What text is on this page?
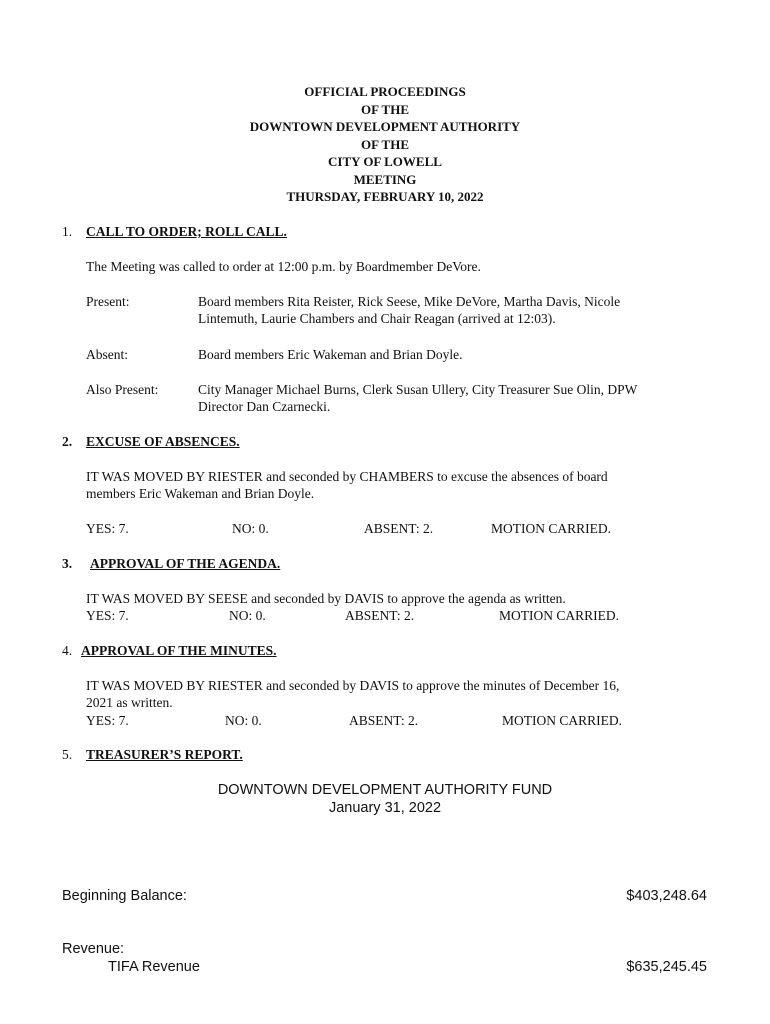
OFFICIAL PROCEEDINGS
OF THE
DOWNTOWN DEVELOPMENT AUTHORITY
OF THE
CITY OF LOWELL
MEETING
THURSDAY, FEBRUARY 10, 2022
1. CALL TO ORDER; ROLL CALL.
The Meeting was called to order at 12:00 p.m. by Boardmember DeVore.
Present:	Board members Rita Reister, Rick Seese, Mike DeVore, Martha Davis, Nicole
Lintemuth, Laurie Chambers and Chair Reagan (arrived at 12:03).
Absent:	Board members Eric Wakeman and Brian Doyle.
Also Present:	City Manager Michael Burns, Clerk Susan Ullery, City Treasurer Sue Olin, DPW
Director Dan Czarnecki.
2. EXCUSE OF ABSENCES.
IT WAS MOVED BY RIESTER and seconded by CHAMBERS to excuse the absences of board
members Eric Wakeman and Brian Doyle.
YES: 7.	NO: 0.	ABSENT: 2.	MOTION CARRIED.
3. APPROVAL OF THE AGENDA.
IT WAS MOVED BY SEESE and seconded by DAVIS to approve the agenda as written.
YES: 7.	NO: 0.	ABSENT: 2.	MOTION CARRIED.
4. APPROVAL OF THE MINUTES.
IT WAS MOVED BY RIESTER and seconded by DAVIS to approve the minutes of December 16,
2021 as written.
YES: 7.	NO: 0.	ABSENT: 2.	MOTION CARRIED.
5. TREASURER’S REPORT.
DOWNTOWN DEVELOPMENT AUTHORITY FUND
January 31, 2022
Beginning Balance:	$403,248.64
Revenue:
TIFA Revenue	$635,245.45
